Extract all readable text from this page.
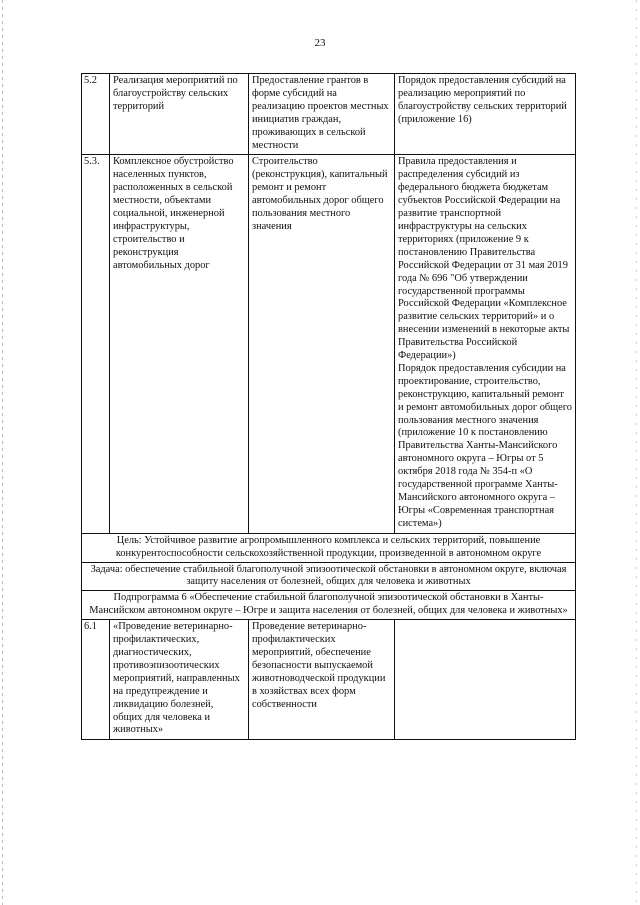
23
5.2	Реализация мероприятий по благоустройству сельских территорий	Предоставление грантов в форме субсидий на реализацию проектов местных инициатив граждан, проживающих в сельской местности	Порядок предоставления субсидий на реализацию мероприятий по благоустройству сельских территорий (приложение 16)
5.3.	Комплексное обустройство населенных пунктов, расположенных в сельской местности, объектами социальной, инженерной инфраструктуры, строительство и реконструкция автомобильных дорог	Строительство (реконструкция), капитальный ремонт и ремонт автомобильных дорог общего пользования местного значения	Правила предоставления и распределения субсидий из федерального бюджета бюджетам субъектов Российской Федерации на развитие транспортной инфраструктуры на сельских территориях (приложение 9 к постановлению Правительства Российской Федерации от 31 мая 2019 года № 696 "Об утверждении государственной программы Российской Федерации «Комплексное развитие сельских территорий» и о внесении изменений в некоторые акты Правительства Российской Федерации»)
Порядок предоставления субсидии на проектирование, строительство, реконструкцию, капитальный ремонт и ремонт автомобильных дорог общего пользования местного значения (приложение 10 к постановлению Правительства Ханты-Мансийского автономного округа – Югры от 5 октября 2018 года № 354-п «О государственной программе Ханты-Мансийского автономного округа – Югры «Современная транспортная система»)

Цель: Устойчивое развитие агропромышленного комплекса и сельских территорий, повышение конкурентоспособности сельскохозяйственной продукции, произведенной в автономном округе			
Задача: обеспечение стабильной благополучной эпизоотической обстановки в автономном округе, включая защиту населения от болезней, общих для человека и животных			
Подпрограмма 6 «Обеспечение стабильной благополучной эпизоотической обстановки в Ханты-Мансийском автономном округе – Югре и защита населения от болезней, общих для человека и животных»			
6.1	«Проведение ветеринарно-профилактических, диагностических, противоэпизоотических мероприятий, направленных на предупреждение и ликвидацию болезней, общих для человека и животных»	Проведение ветеринарно-профилактических мероприятий, обеспечение безопасности выпускаемой животноводческой продукции в хозяйствах всех форм собственности	
